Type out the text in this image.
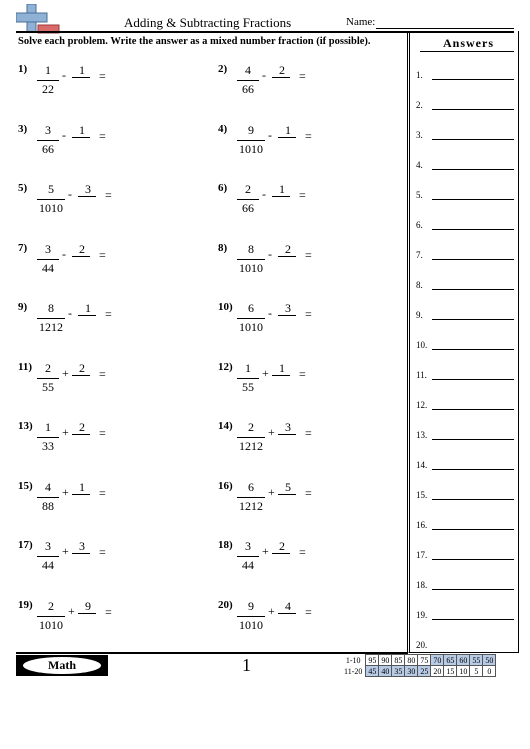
Adding & Subtracting Fractions	Name:
Solve each problem. Write the answer as a mixed number fraction (if possible).	Answers
1.
2.
3.
4.
5.
6.
7.
8.
9.
10.
11.
12.
13.
14.
15.
16.
17.
18.
19.
20.
$1) \frac{1}{22}$ -	1	=	$2) \frac{4}{66}$ -	2	=
$3) \frac{3}{66}$ -	1	=	$4) \frac{9}{1010}$ -	1	=
$5) \frac{5}{1010}$ -	3	=	$6) \frac{2}{66}$ -	1	=
$7) \frac{3}{44}$ -	2	=	$8) \frac{8}{1010}$ -	2	=
$9) \frac{8}{1212}$ -	1	=	$10) \frac{6}{1010}$ -	3	=
$11) \frac{2}{55} + 2$	=	$12) \frac{1}{55} + 1$	=
$13) \frac{1}{33} + 2$	=	$14) \frac{2}{1212} + 3$	=
$15) \frac{4}{88} + 1$	=	$16) \frac{6}{1212} + 5$	=
$17) \frac{3}{44} + 3$	=	$18) \frac{3}{44} + 2$	=
$19) \frac{2}{1010} + 9$	=	$20) \frac{9}{1010} + 4$	=
Math	1	1-10	95	90	85	80	75	70	65	60	55	50
11-20	45	40	35	30	25	20	15	10	5	0
